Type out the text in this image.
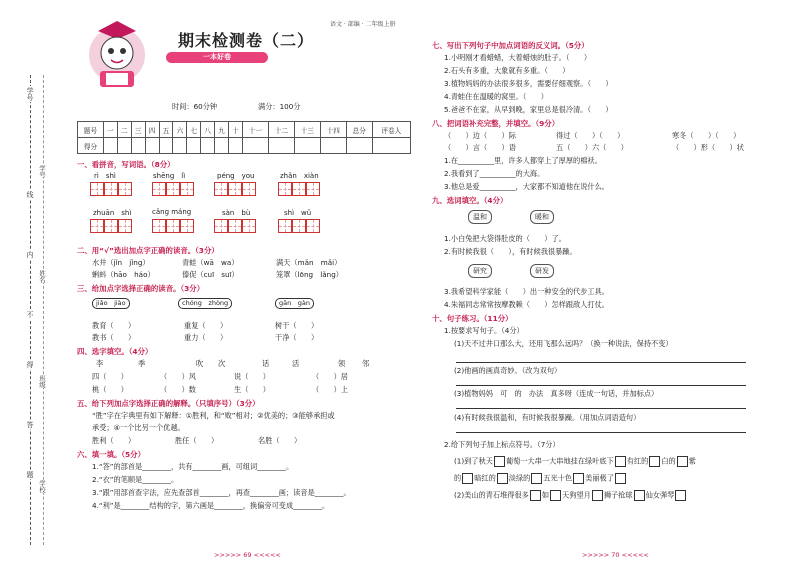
学号
线
内
不
得
答
题
学号
姓名
班级
学校
语文 · 部编 · 二年级上册
期末检测卷（二）
一本好卷
时间：60分钟	满分：100分
题号	一	二	三	四	五	六	七	八	九	十	十一	十二	十三	十四	总分	评卷人
得分																
一、看拼音，写词语。（8分）
rì　shì	shēng　lì	péng　you	zhǎn　xiàn
zhuān　shì	cǎng máng	sàn　bù	shì　wǔ
二、用“√”选出加点字正确的读音。（3分）
水井（jǐn　jǐng）	青蛙（wā　wa）	满天（mǎn　mǎi）
蝌蚪（hāo　háo）	傣促（cuī　suī）	笼罩（lōng　lǎng）
三、给加点字选择正确的读音。（3分）
jiǎo　jiào	chóng　zhòng	gān　gàn
教育（　　）	重复（　　）	树干（　　）
教书（　　）	重力（　　）	干净（　　）
四、选字填空。（4分）
李	季	吹 次	话	活	领 邻
四（　　）	（　　）风	说（　　）	（　　）居
桃（　　）	（　　）数	生（　　）	（　　）上
五、给下列加点字选择正确的解释。（只填序号）（3分）
“胜”字在字典里有如下解释：①胜利，和“败”相对；②优美的；③能够承担或
承受；④一个比另一个优越。
胜利（　　）	胜任（　　）	名胜（　　）
六、填一填。（5分）
1.“答”的部首是________，共有________画，可组词________。
2.“衣”的笔顺是________。
3.“跟”用部首查字法，应先查部首________，再查________画；读音是________。
4.“利”是________结构的字，第六画是________，换偏旁可变成________。
>>>>> 69 <<<<<
七、写出下列句子中加点词语的反义词。（5分）
1.小明刚才看蜡蜡，大着蜡烛的肚子。（　　）
2.石头有多重，大象就有多重。（　　）
3.植物妈妈的办法很多很多，需要仔细观察。（　　）
4.青蛙住在温暖的窝里。（　　）
5.爸爸不在家，从早到晚，家里总是很冷清。（　　）
八、把词语补充完整，并填空。（9分）
（　　）边（　　）际	得过（　　）（　　）	寒冬（　　）（　　）
（　　）言（　　）语	五（　　）六（　　）	（　　）形（　　）状
1.在__________里，许多人都穿上了厚厚的棉袄。
2.我看到了__________的大海。
3.他总是爱__________，大家都不知道他在说什么。
九、选词填空。（4分）
温和	暖和
1.小白兔把大袋得肚皮的（　　）了。
2.有时候我很（　　），有时候我很暴躁。
研究	研发
3.我希望科学家能（　　）出一种安全的代步工具。
4.朱福同志常常按摩教赖（　　）怎样跟敌人打仗。
十、句子练习。（11分）
1.按要求写句子。（4分）
(1)天不过井口那么大，还用飞那么远吗？（换一种说法，保持不变）
(2)他画的画真奇妙。（改为双句）
(3)植物妈妈　可　的　办法　真多呀（连成一句话，并加标点）
(4)有时候我很温和，有时候我很暴躁。（用加点词语造句）
2.给下列句子加上标点符号。（7分）
(1)到了秋天 葡萄一大串一大串地挂在绿叶底下 有红的 白的 紫
的 暗红的 淡绿的 五光十色 美丽极了
(2)美山的青石堆得很多 如 天狗望月 狮子抢球 仙女弹琴
>>>>> 70 <<<<<
